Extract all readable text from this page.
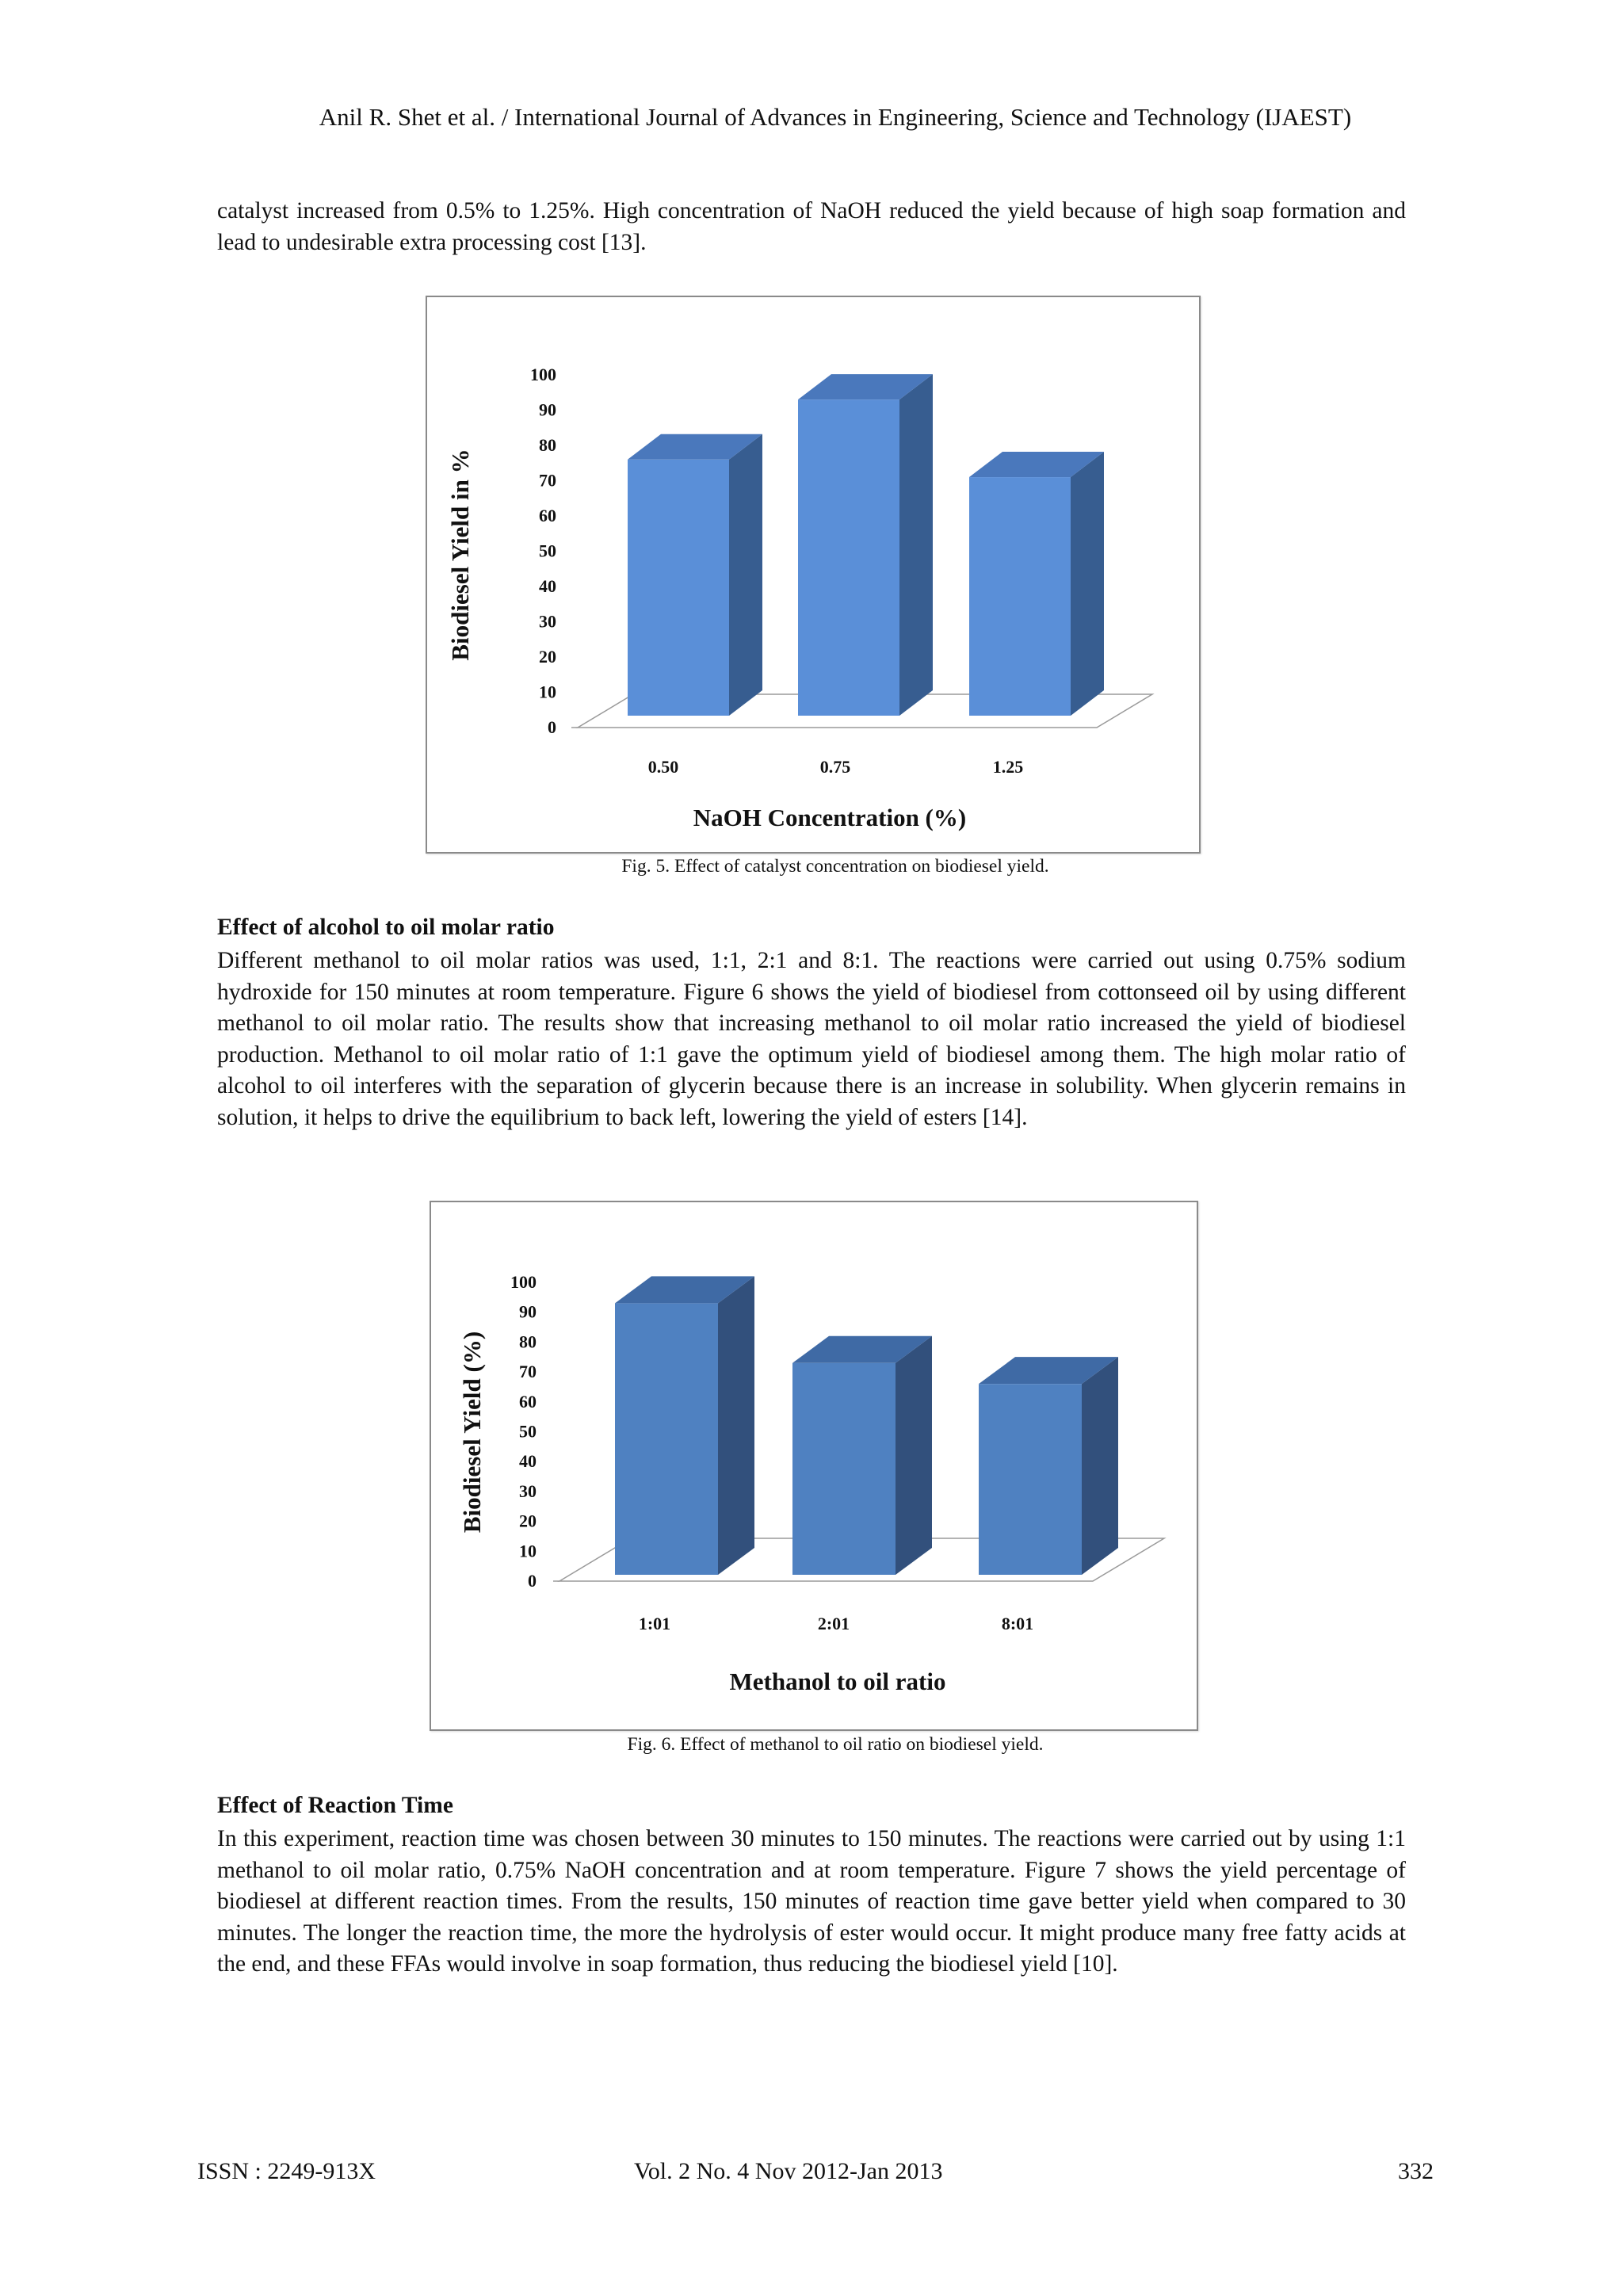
Anil R. Shet et al. / International Journal of Advances in Engineering, Science and Technology (IJAEST)

catalyst increased from 0.5% to 1.25%. High concentration of NaOH reduced the yield because of high soap formation and lead to undesirable extra processing cost [13].

0
10
20
30
40
50
60
70
80
90
100
0.50	0.75	1.25
NaOH Concentration (%)
Biodiesel Yield in %
Fig. 5. Effect of catalyst concentration on biodiesel yield.

Effect of alcohol to oil molar ratio

Different methanol to oil molar ratios was used, 1:1, 2:1 and 8:1. The reactions were carried out using 0.75% sodium hydroxide for 150 minutes at room temperature. Figure 6 shows the yield of biodiesel from cottonseed oil by using different methanol to oil molar ratio. The results show that increasing methanol to oil molar ratio increased the yield of biodiesel production. Methanol to oil molar ratio of 1:1 gave the optimum yield of biodiesel among them. The high molar ratio of alcohol to oil interferes with the separation of glycerin because there is an increase in solubility. When glycerin remains in solution, it helps to drive the equilibrium to back left, lowering the yield of esters [14].

0
10
20
30
40
50
60
70
80
90
100
1:01	2:01	8:01
Methanol to oil ratio
Biodiesel Yield (%)
Fig. 6. Effect of methanol to oil ratio on biodiesel yield.

Effect of Reaction Time

In this experiment, reaction time was chosen between 30 minutes to 150 minutes. The reactions were carried out by using 1:1 methanol to oil molar ratio, 0.75% NaOH concentration and at room temperature. Figure 7 shows the yield percentage of biodiesel at different reaction times. From the results, 150 minutes of reaction time gave better yield when compared to 30 minutes. The longer the reaction time, the more the hydrolysis of ester would occur. It might produce many free fatty acids at the end, and these FFAs would involve in soap formation, thus reducing the biodiesel yield [10].

ISSN : 2249-913X	Vol. 2 No. 4 Nov 2012-Jan 2013	332
